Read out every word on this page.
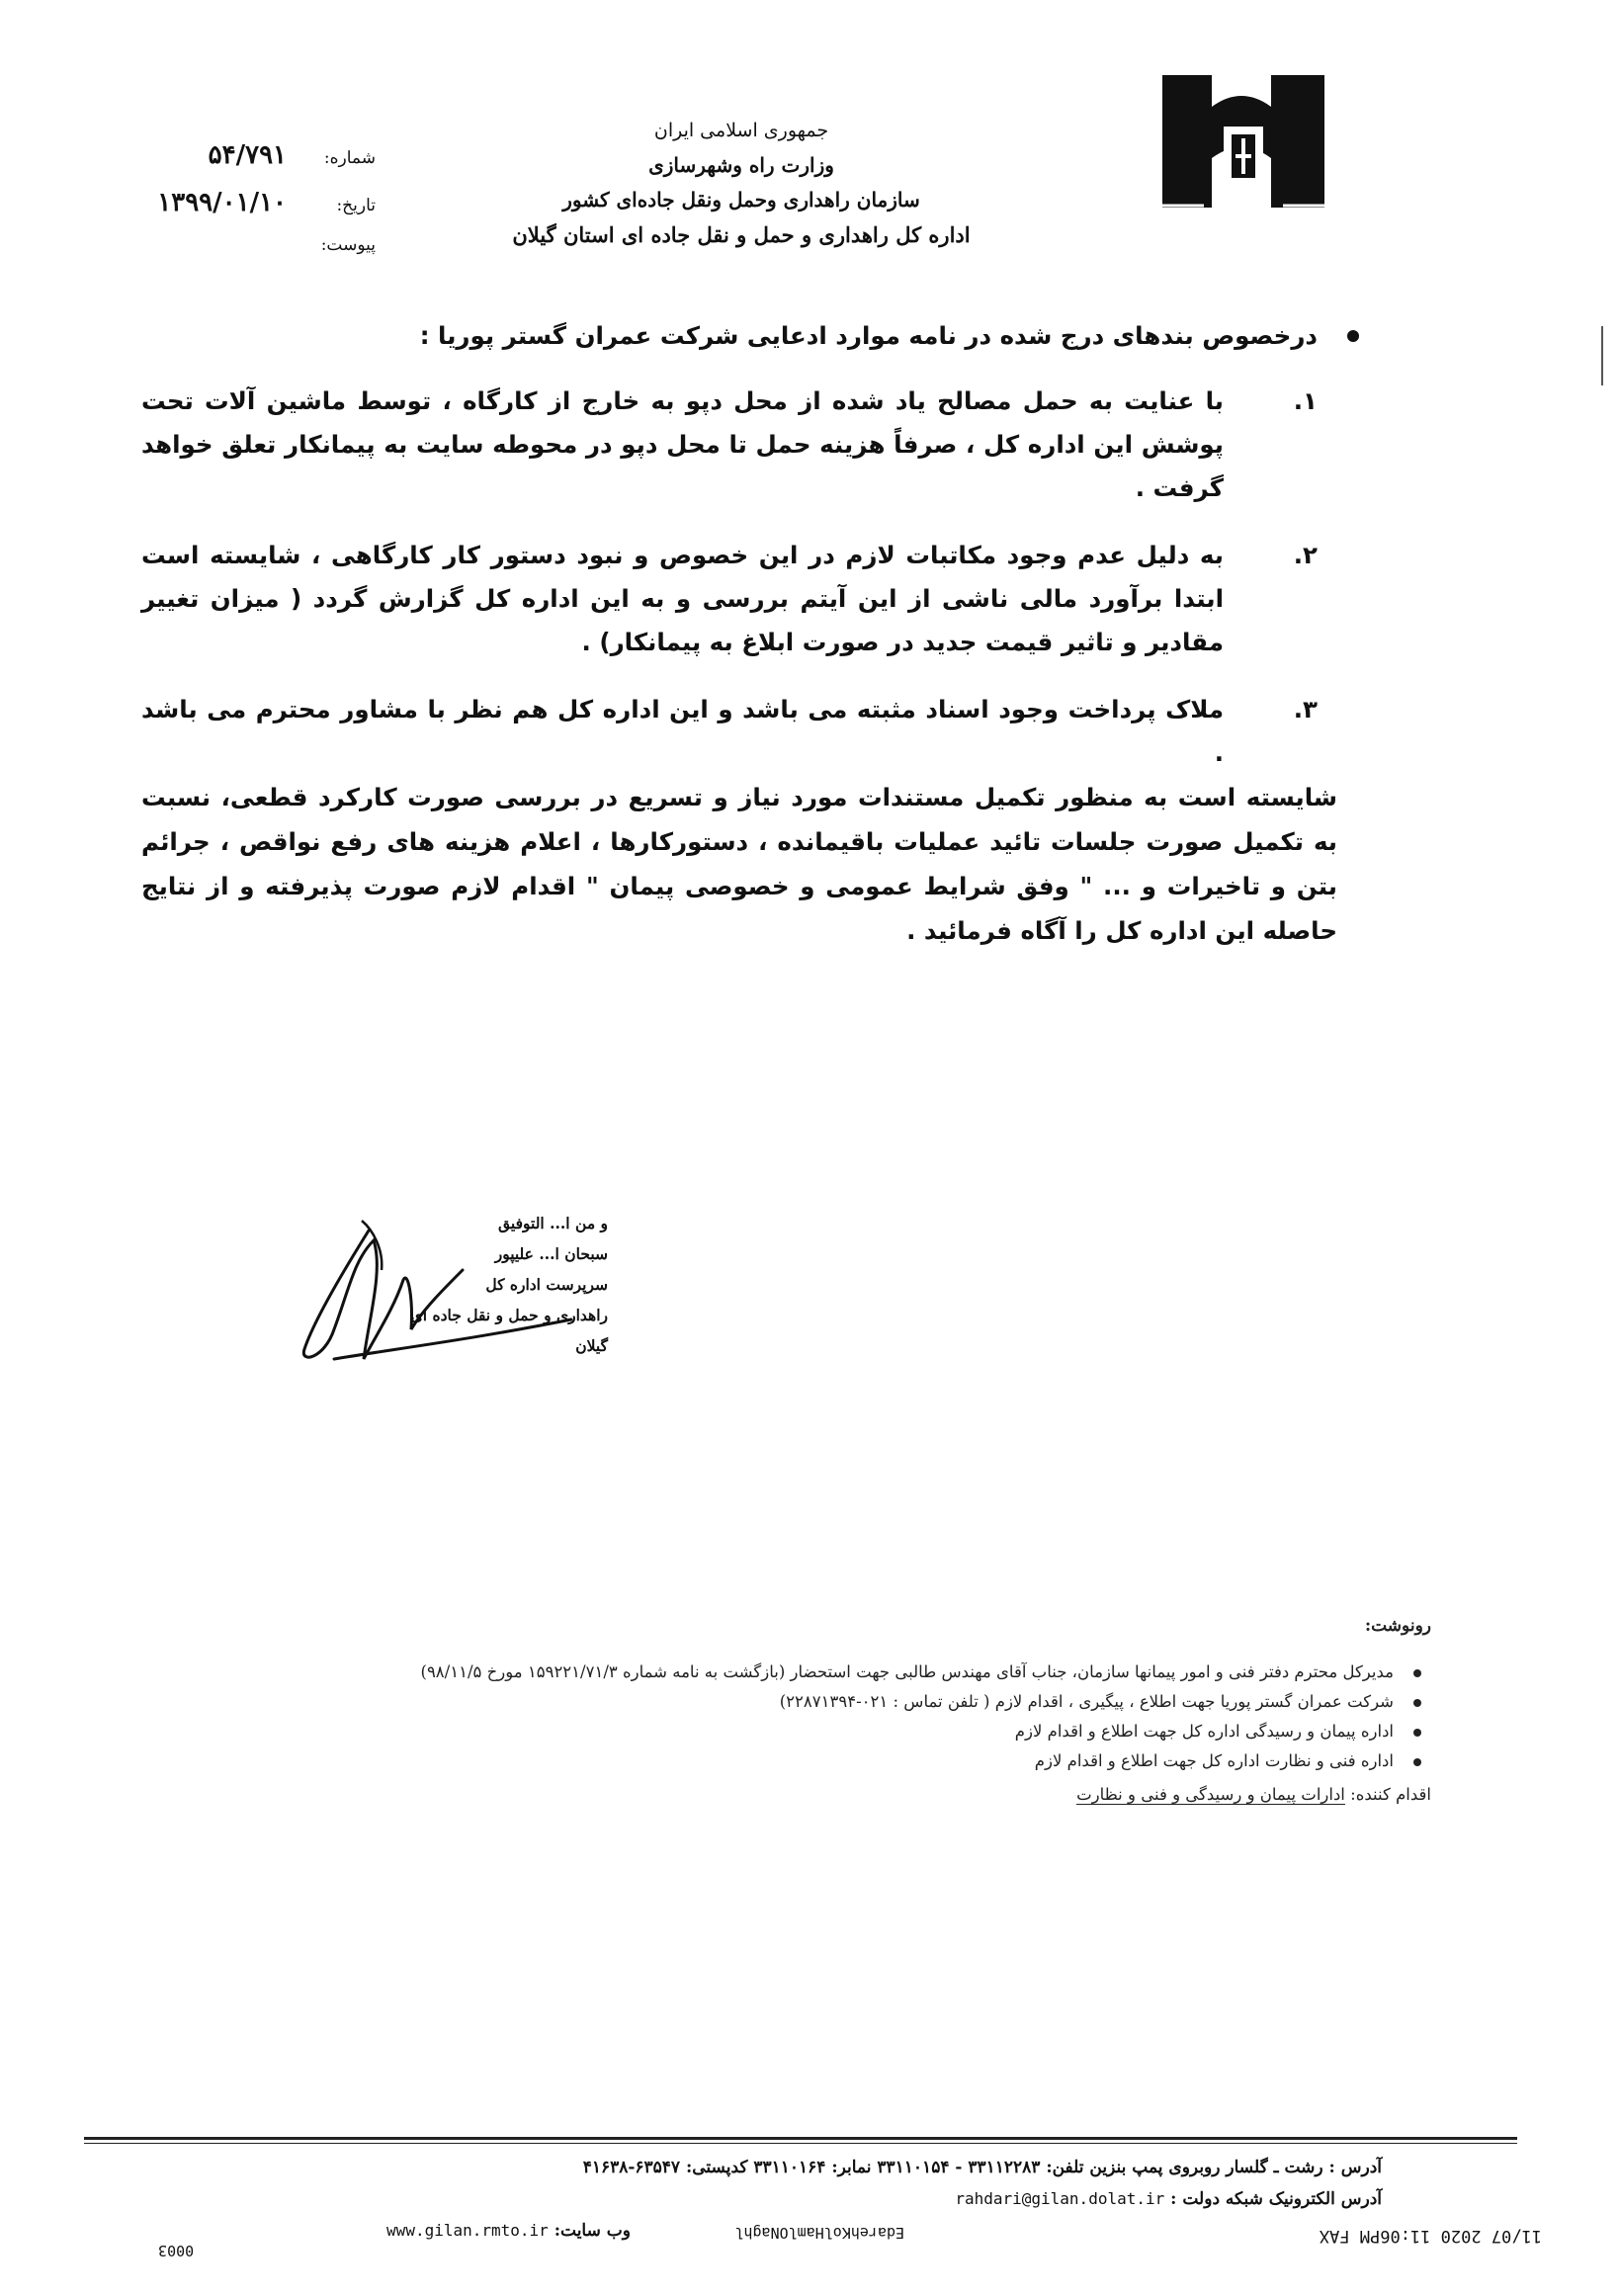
جمهوری اسلامی ایران
وزارت راه وشهرسازی
سازمان راهداری وحمل ونقل جاده‌ای کشور
اداره کل راهداری و حمل و نقل جاده ای استان گیلان
شماره:
۵۴/۷۹۱
تاریخ:
۱۳۹۹/۰۱/۱۰
پیوست:
درخصوص بندهای درج شده در نامه موارد ادعایی شرکت عمران گستر پوریا :
۱.
با عنایت به حمل مصالح یاد شده از محل دپو به خارج از کارگاه ، توسط ماشین آلات تحت پوشش این اداره کل ، صرفاً هزینه حمل تا محل دپو در محوطه سایت به پیمانکار تعلق خواهد گرفت .
۲.
به دلیل عدم وجود مکاتبات لازم در این خصوص و نبود دستور کار کارگاهی ، شایسته است ابتدا برآورد مالی ناشی از این آیتم بررسی و به این اداره کل گزارش گردد ( میزان تغییر مقادیر و تاثیر قیمت جدید در صورت ابلاغ به پیمانکار) .
۳.
ملاک پرداخت وجود اسناد مثبته می باشد و این اداره کل هم نظر با مشاور محترم می باشد .
شایسته است به منظور تکمیل مستندات مورد نیاز و تسریع در بررسی صورت کارکرد قطعی، نسبت به تکمیل صورت جلسات تائید عملیات باقیمانده ، دستورکارها ، اعلام هزینه های رفع نواقص ، جرائم بتن و تاخیرات و ... " وفق شرایط عمومی و خصوصی پیمان " اقدام لازم صورت پذیرفته و از نتایج حاصله این اداره کل را آگاه فرمائید .
و من ا... التوفیق
سبحان ا... علیپور
سرپرست اداره کل
راهداری و حمل و نقل جاده ای گیلان
رونوشت:
مدیرکل محترم دفتر فنی و امور پیمانها سازمان، جناب آقای مهندس طالبی جهت استحضار (بازگشت به نامه شماره ۱۵۹۲۲۱/۷۱/۳ مورخ ۹۸/۱۱/۵)
شرکت عمران گستر پوریا جهت اطلاع ، پیگیری ، اقدام لازم ( تلفن تماس : ۰۲۱-۲۲۸۷۱۳۹۴)
اداره پیمان و رسیدگی اداره کل جهت اطلاع و اقدام لازم
اداره فنی و نظارت اداره کل جهت اطلاع و اقدام لازم
اقدام کننده: ادارات پیمان و رسیدگی و فنی و نظارت
آدرس : رشت ـ گلسار روبروی پمپ بنزین تلفن: ۳۳۱۱۲۲۸۳ - ۳۳۱۱۰۱۵۴ نمابر: ۳۳۱۱۰۱۶۴ کدپستی: ۶۳۵۴۷-۴۱۶۳۸
آدرس الکترونیک شبکه دولت : rahdari@gilan.dolat.ir
وب سایت: www.gilan.rmto.ir	11/07 2020 11:06PM FAX
EdarehKolHamlONaghl
0003
